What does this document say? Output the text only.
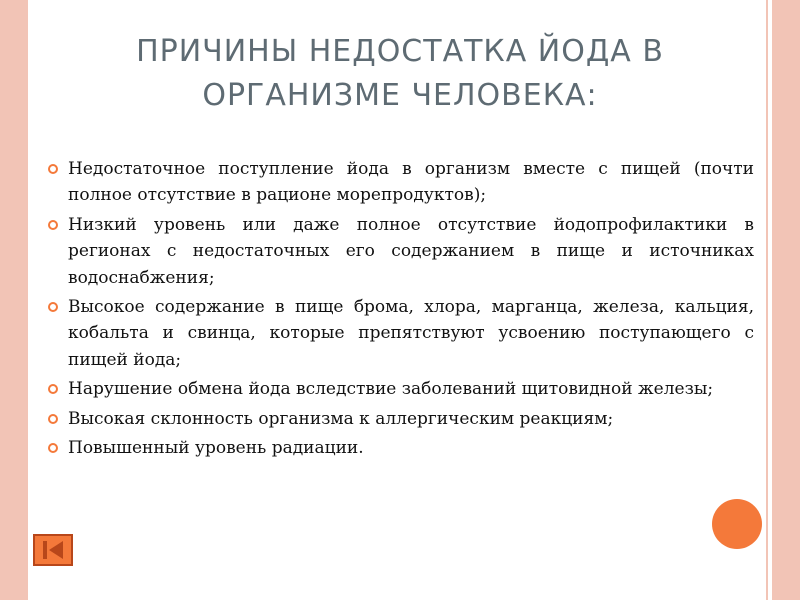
ПРИЧИНЫ НЕДОСТАТКА ЙОДА В
ОРГАНИЗМЕ ЧЕЛОВЕКА:
Недостаточное поступление йода в организм вместе с пищей (почти полное отсутствие в рационе морепродуктов);
Низкий уровень или даже полное отсутствие йодопрофилактики в регионах с недостаточных его содержанием в пище и источниках водоснабжения;
Высокое содержание в пище брома, хлора, марганца, железа, кальция, кобальта и свинца, которые препятствуют усвоению поступающего с пищей йода;
Нарушение обмена йода вследствие заболеваний щитовидной железы;
Высокая склонность организма к аллергическим реакциям;
Повышенный уровень радиации.
